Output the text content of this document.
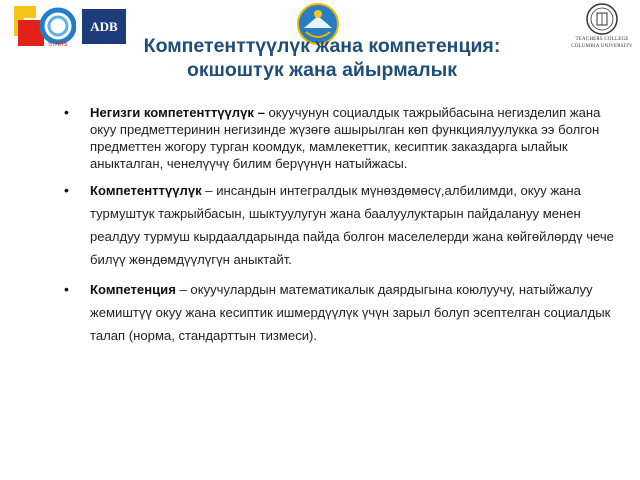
STARS
ADB
TEACHERS COLLEGE
COLUMBIA UNIVERSITY
Компетенттүүлүк жана компетенция:
окшоштук жана айырмалык
•
Негизги компетенттүүлүк – окуучунун социалдык тажрыйбасына негизделип жана окуу предметтеринин негизинде жүзөгө ашырылган көп функциялуулукка ээ болгон предметтен жогору турган коомдук, мамлекеттик, кесиптик заказдарга ылайык аныкталган, ченелүүчү билим берүүнүн натыйжасы.
•
Компетенттүүлүк – инсандын интегралдык мүнөздөмөсү,албилимди, окуу жана турмуштук тажрыйбасын, шыктуулугун жана баалуулуктарын пайдалануу менен реалдуу турмуш кырдаалдарында пайда болгон маселелерди жана көйгөйлөрдү чече билүү жөндөмдүүлүгүн аныктайт.
•
Компетенция – окуучулардын математикалык даярдыгына коюлуучу, натыйжалуу жемиштүү окуу жана кесиптик ишмердүүлүк үчүн зарыл болуп эсептелган социалдык талап (норма, стандарттын тизмеси).
